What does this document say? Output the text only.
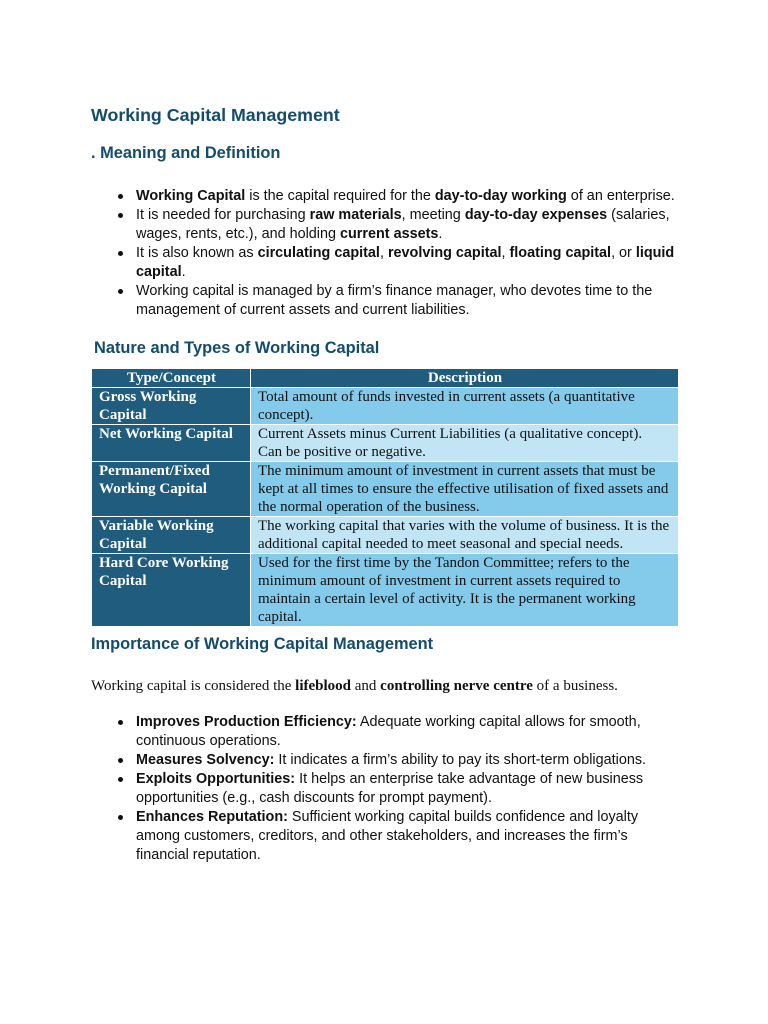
Working Capital Management
. Meaning and Definition
Working Capital is the capital required for the day-to-day working of an enterprise.
It is needed for purchasing raw materials, meeting day-to-day expenses (salaries, wages, rents, etc.), and holding current assets.
It is also known as circulating capital, revolving capital, floating capital, or liquid capital.
Working capital is managed by a firm’s finance manager, who devotes time to the management of current assets and current liabilities.
Nature and Types of Working Capital
Type/Concept	Description
Gross Working Capital	Total amount of funds invested in current assets (a quantitative concept).
Net Working Capital	Current Assets minus Current Liabilities (a qualitative concept).
Can be positive or negative.
Permanent/Fixed Working Capital	The minimum amount of investment in current assets that must be kept at all times to ensure the effective utilisation of fixed assets and the normal operation of the business.
Variable Working Capital	The working capital that varies with the volume of business. It is the additional capital needed to meet seasonal and special needs.
Hard Core Working Capital	Used for the first time by the Tandon Committee; refers to the minimum amount of investment in current assets required to maintain a certain level of activity. It is the permanent working capital.
Importance of Working Capital Management

Working capital is considered the lifeblood and controlling nerve centre of a business.

Improves Production Efficiency: Adequate working capital allows for smooth, continuous operations.
Measures Solvency: It indicates a firm’s ability to pay its short-term obligations.
Exploits Opportunities: It helps an enterprise take advantage of new business opportunities (e.g., cash discounts for prompt payment).
Enhances Reputation: Sufficient working capital builds confidence and loyalty among customers, creditors, and other stakeholders, and increases the firm’s financial reputation.
